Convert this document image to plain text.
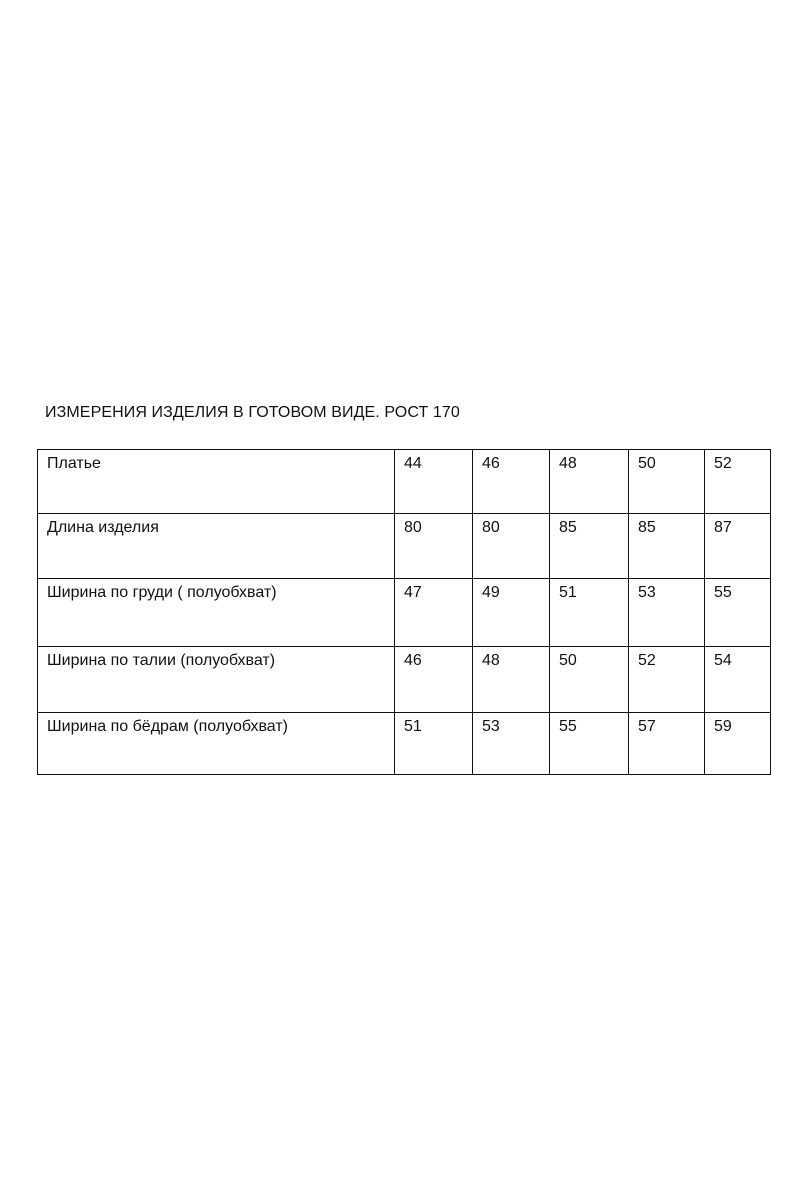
ИЗМЕРЕНИЯ ИЗДЕЛИЯ В ГОТОВОМ ВИДЕ. РОСТ 170
Платье	44	46	48	50	52
Длина изделия	80	80	85	85	87
Ширина по груди ( полуобхват)	47	49	51	53	55
Ширина по талии (полуобхват)	46	48	50	52	54
Ширина по бёдрам (полуобхват)	51	53	55	57	59
